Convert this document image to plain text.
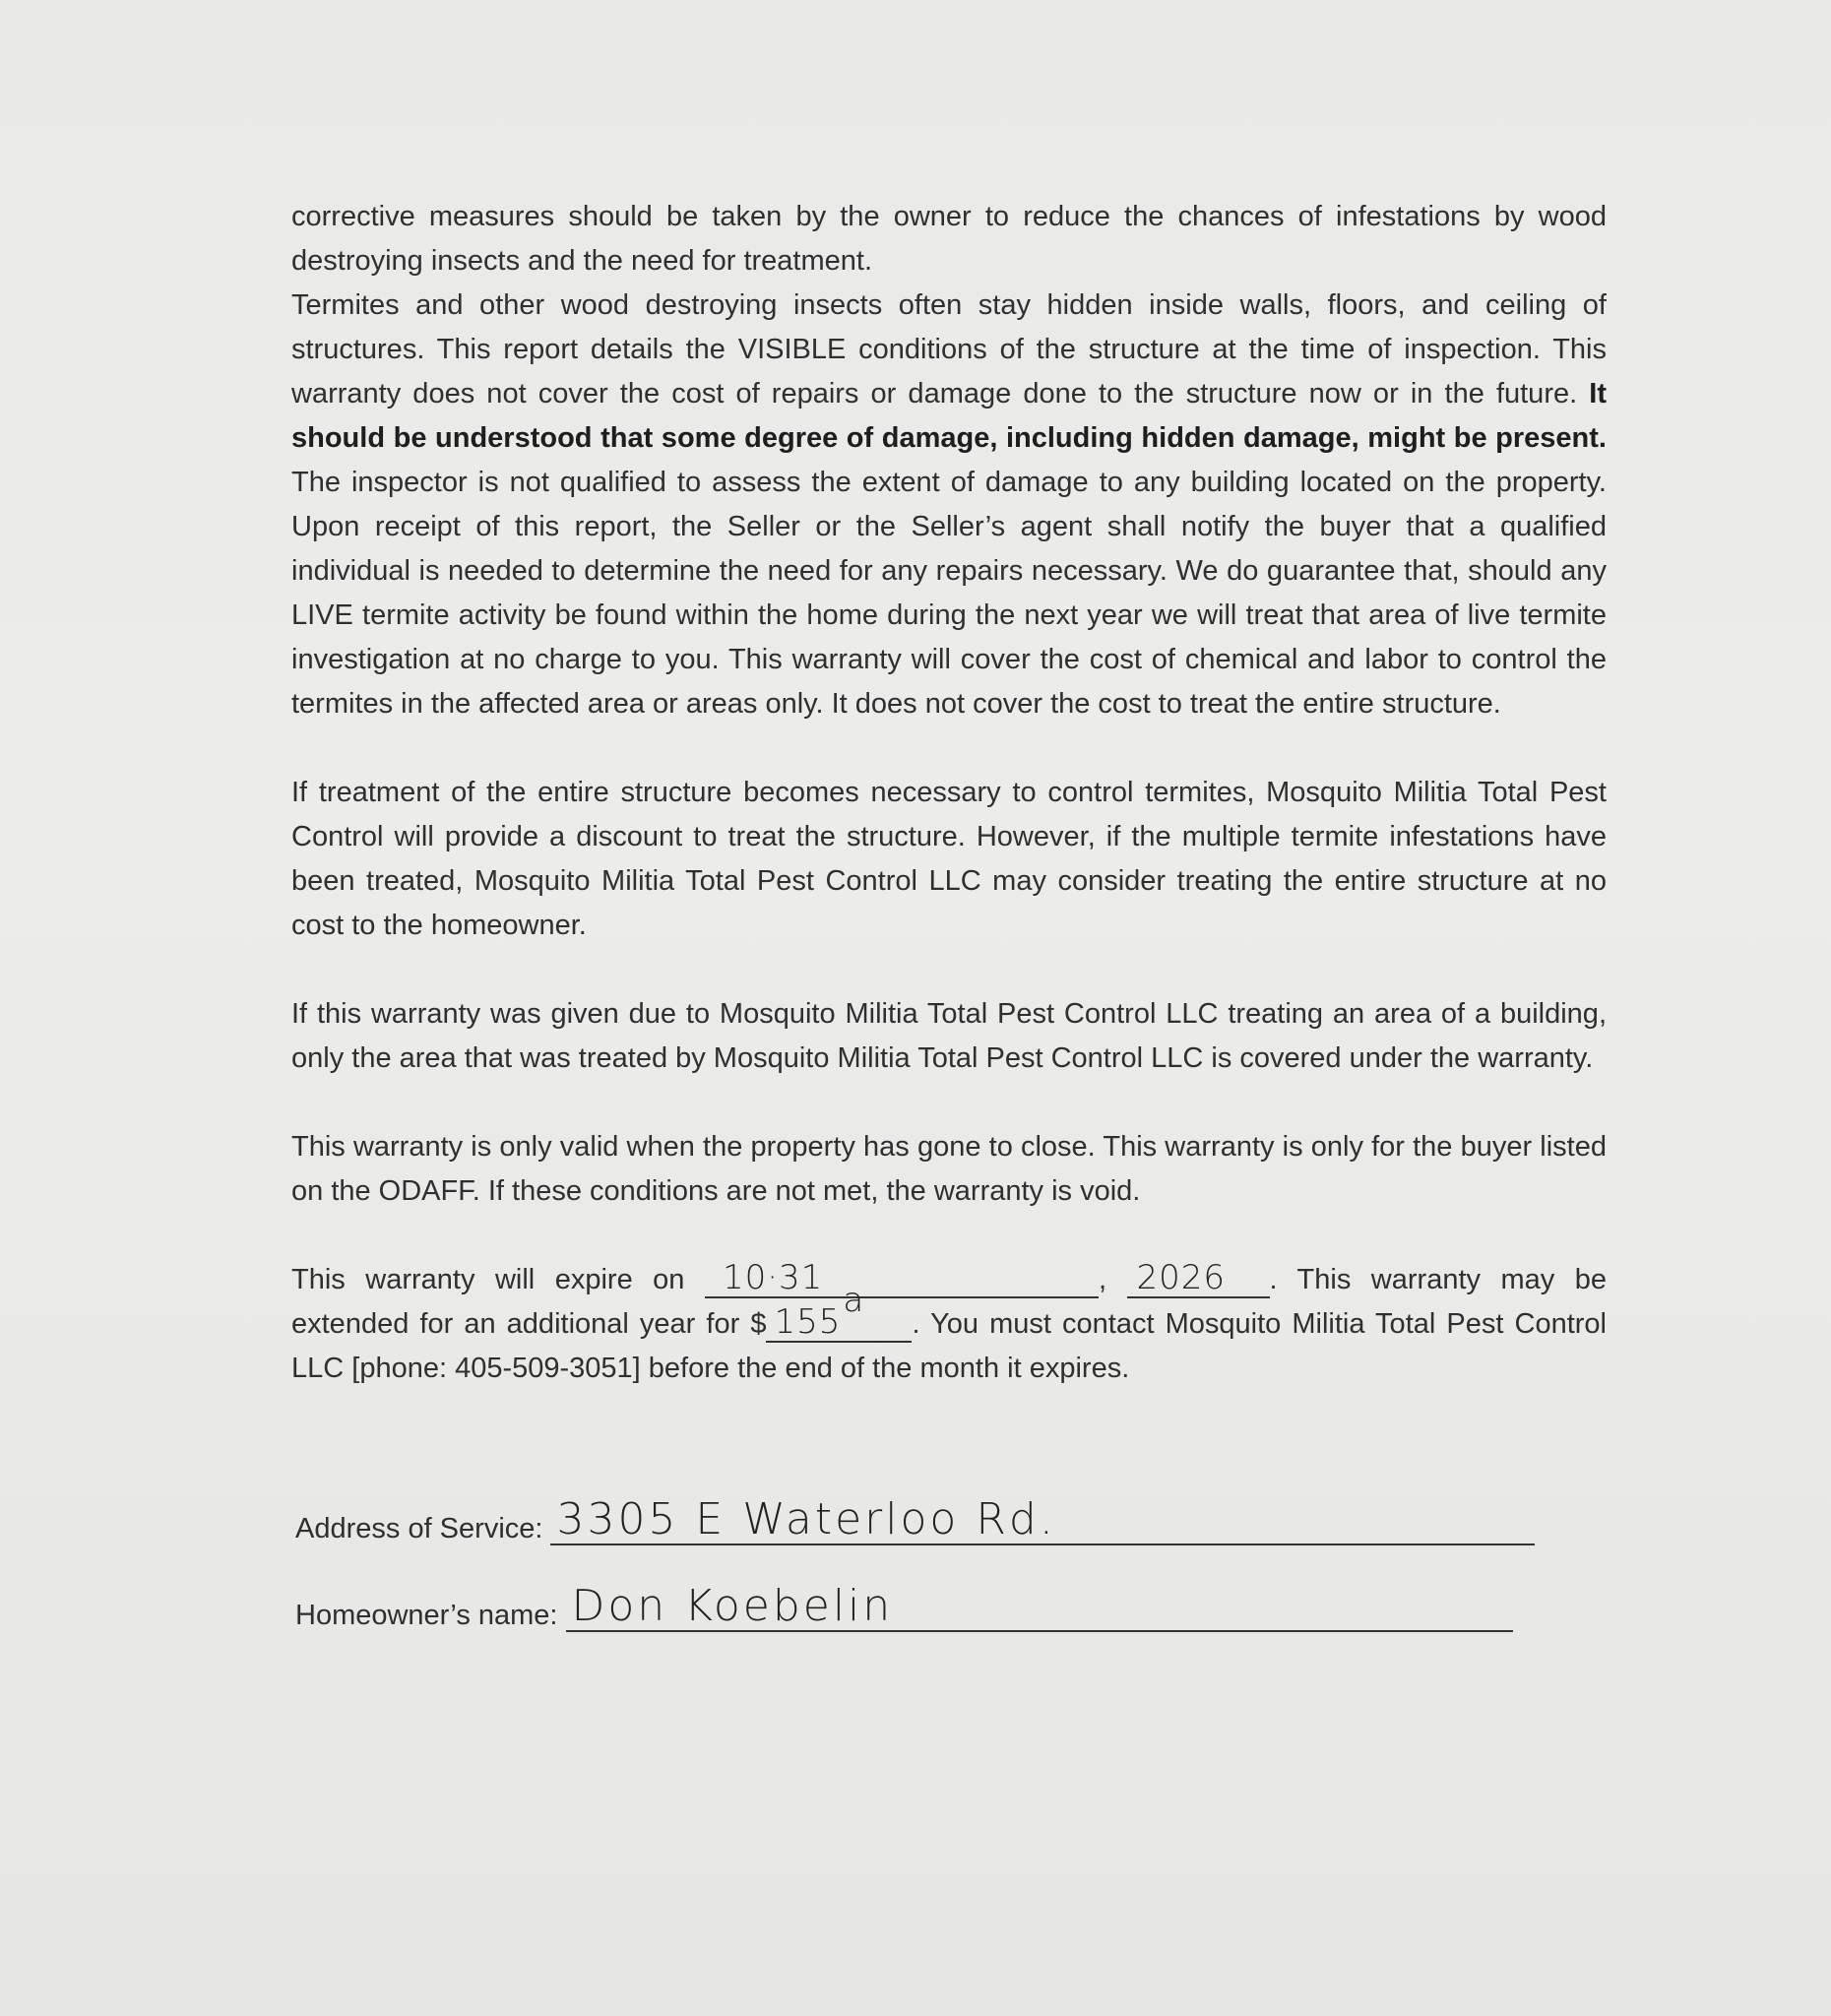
corrective measures should be taken by the owner to reduce the chances of infestations by wood destroying insects and the need for treatment.

Termites and other wood destroying insects often stay hidden inside walls, floors, and ceiling of structures. This report details the VISIBLE conditions of the structure at the time of inspection. This warranty does not cover the cost of repairs or damage done to the structure now or in the future. It should be understood that some degree of damage, including hidden damage, might be present. The inspector is not qualified to assess the extent of damage to any building located on the property. Upon receipt of this report, the Seller or the Seller’s agent shall notify the buyer that a qualified individual is needed to determine the need for any repairs necessary. We do guarantee that, should any LIVE termite activity be found within the home during the next year we will treat that area of live termite investigation at no charge to you. This warranty will cover the cost of chemical and labor to control the termites in the affected area or areas only. It does not cover the cost to treat the entire structure.

If treatment of the entire structure becomes necessary to control termites, Mosquito Militia Total Pest Control will provide a discount to treat the structure. However, if the multiple termite infestations have been treated, Mosquito Militia Total Pest Control LLC may consider treating the entire structure at no cost to the homeowner.

If this warranty was given due to Mosquito Militia Total Pest Control LLC treating an area of a building, only the area that was treated by Mosquito Militia Total Pest Control LLC is covered under the warranty.

This warranty is only valid when the property has gone to close. This warranty is only for the buyer listed on the ODAFF. If these conditions are not met, the warranty is void.

This warranty will expire on 10·31	, 2026 . This warranty may be extended for an additional year for $ 155a. You must contact Mosquito Militia Total Pest Control LLC [phone: 405-509-3051] before the end of the month it expires.

Address of Service: 3305 E Waterloo Rd.
Homeowner’s name: Don Koebelin
